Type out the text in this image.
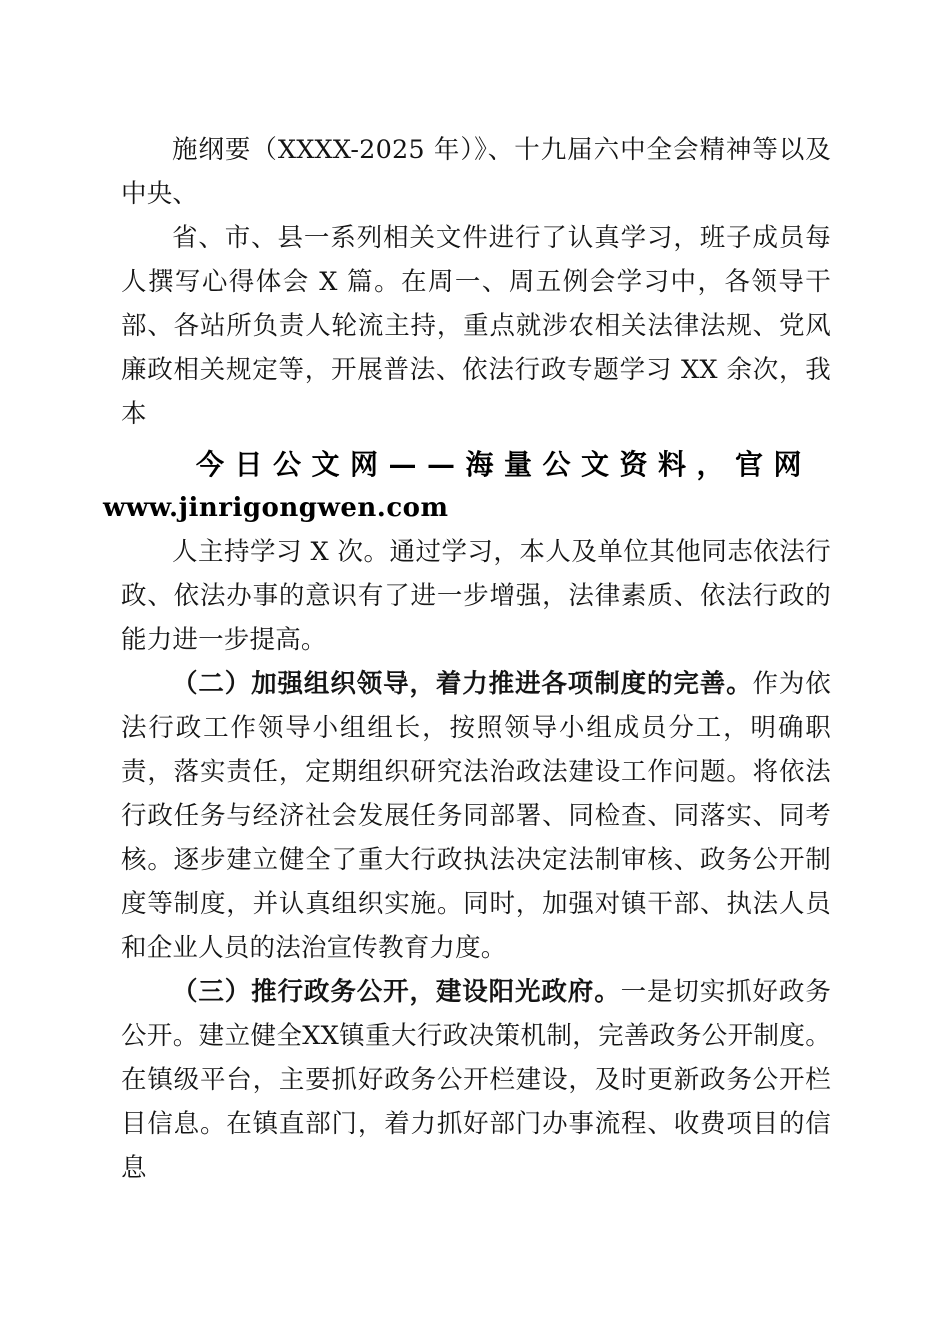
施纲要（XXXX-2025 年）》、十九届六中全会精神等以及中央、

省、市、县一系列相关文件进行了认真学习，班子成员每人撰写心得体会 X 篇。在周一、周五例会学习中，各领导干部、各站所负责人轮流主持，重点就涉农相关法律法规、党风廉政相关规定等，开展普法、依法行政专题学习 XX 余次，我本

今日公文网——海量公文资料，官网
www.jinrigongwen.com

人主持学习 X 次。通过学习，本人及单位其他同志依法行政、依法办事的意识有了进一步增强，法律素质、依法行政的能力进一步提高。

（二）加强组织领导，着力推进各项制度的完善。作为依法行政工作领导小组组长，按照领导小组成员分工，明确职责，落实责任，定期组织研究法治政法建设工作问题。将依法行政任务与经济社会发展任务同部署、同检查、同落实、同考核。逐步建立健全了重大行政执法决定法制审核、政务公开制度等制度，并认真组织实施。同时，加强对镇干部、执法人员和企业人员的法治宣传教育力度。

（三）推行政务公开，建设阳光政府。一是切实抓好政务公开。建立健全XX镇重大行政决策机制，完善政务公开制度。在镇级平台，主要抓好政务公开栏建设，及时更新政务公开栏目信息。在镇直部门，着力抓好部门办事流程、收费项目的信息
